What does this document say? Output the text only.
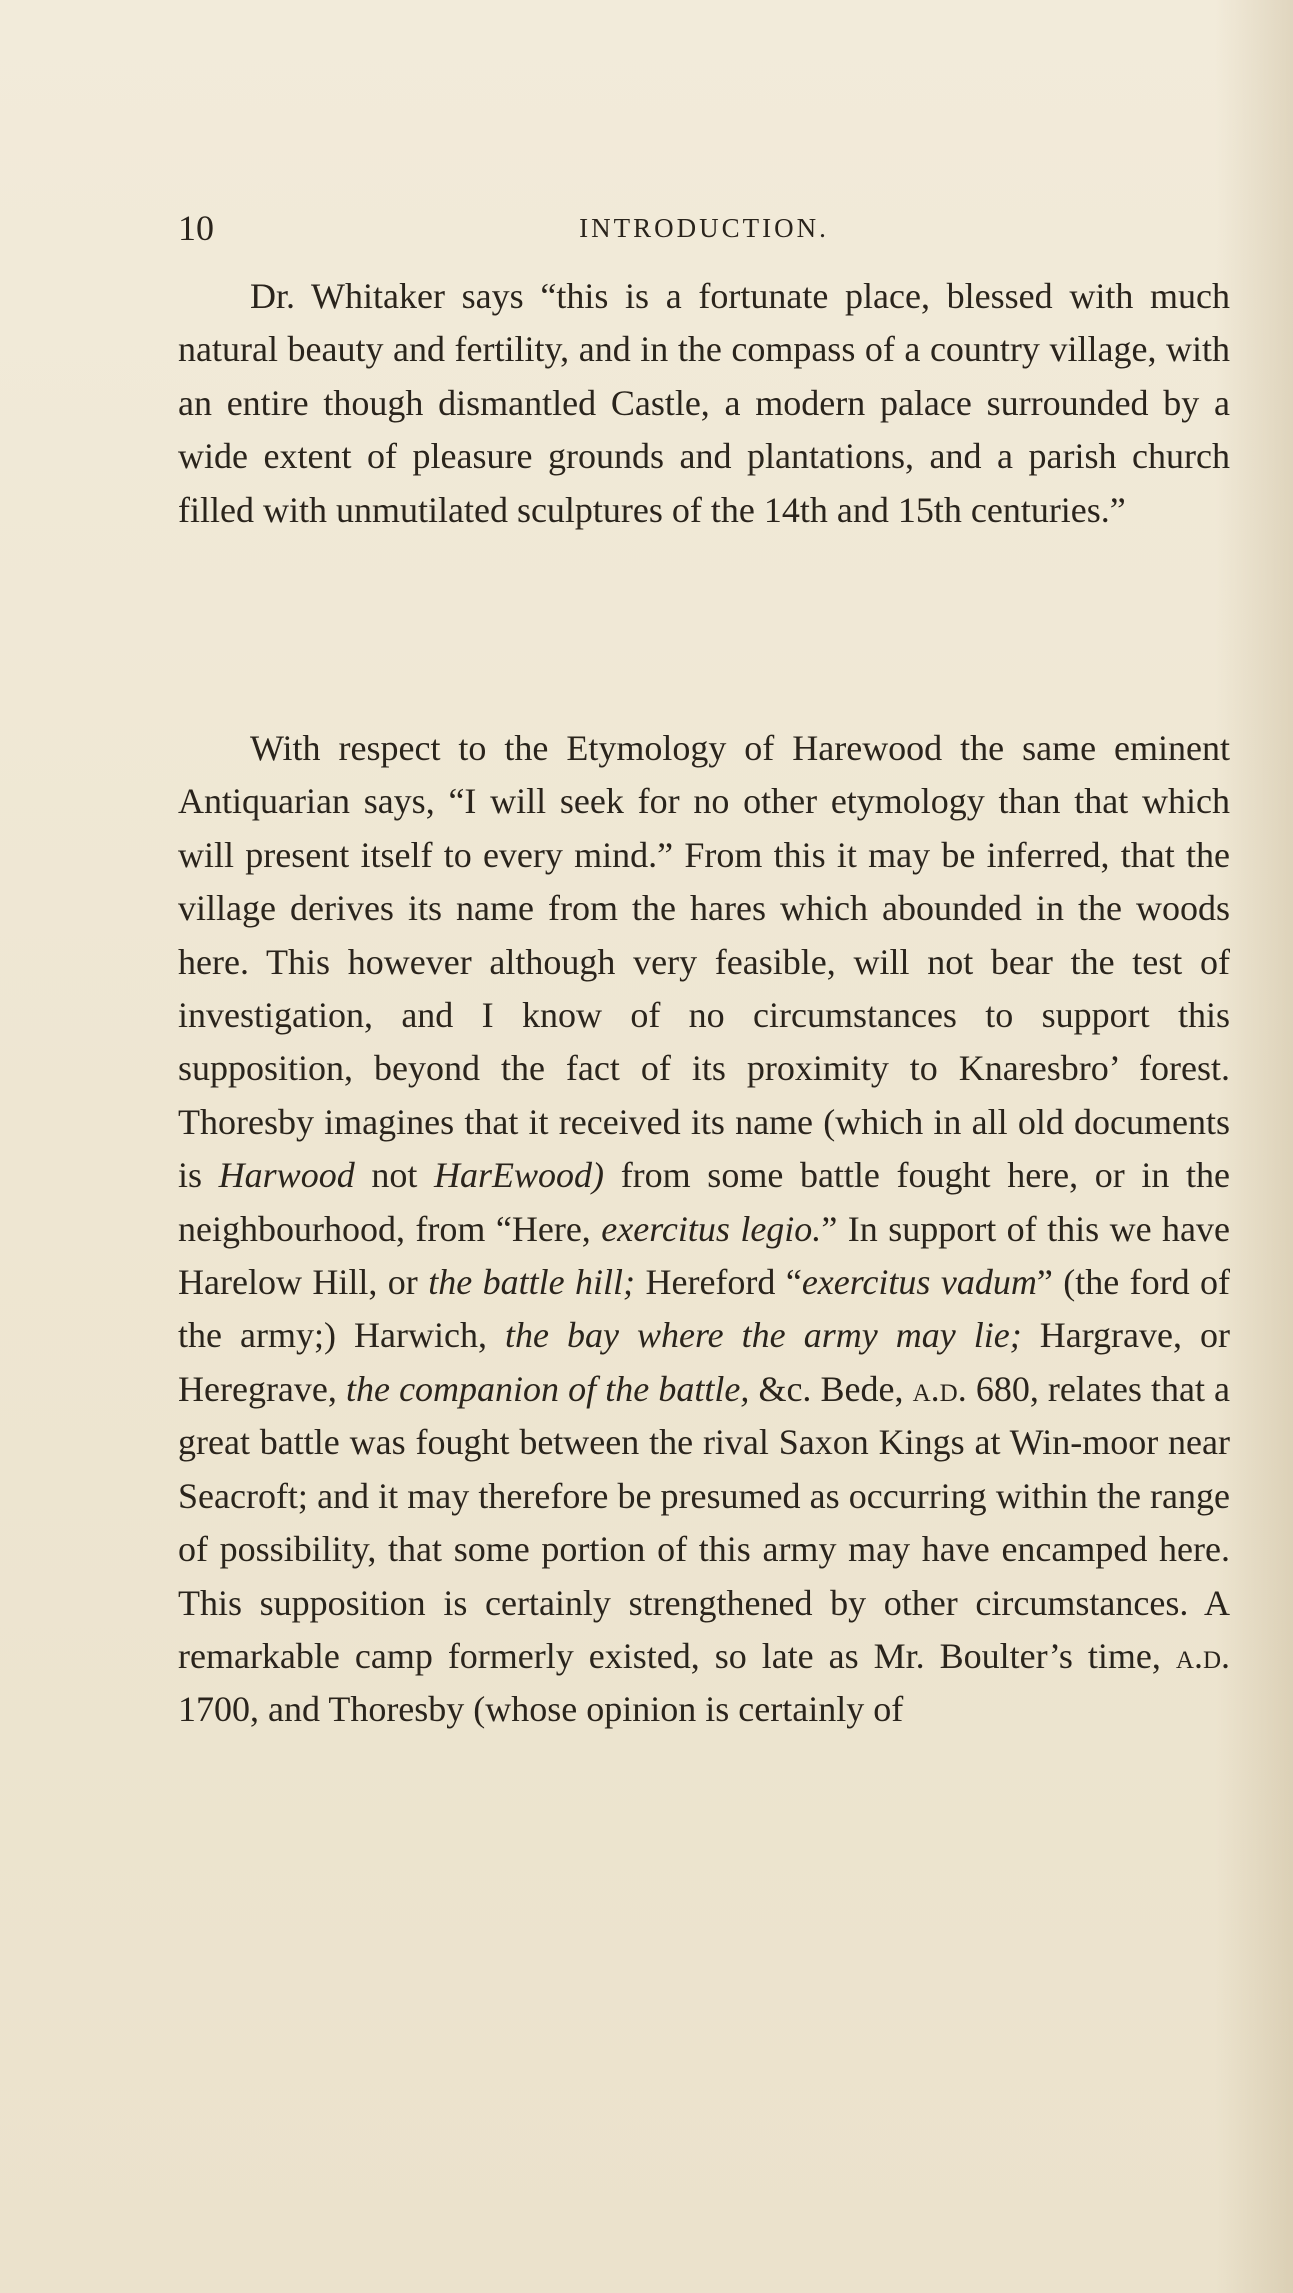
10	INTRODUCTION.

Dr. Whitaker says “this is a fortunate place, blessed with much natural beauty and fertility, and in the compass of a country village, with an entire though dismantled Castle, a modern palace surrounded by a wide extent of pleasure grounds and plantations, and a parish church filled with unmutilated sculptures of the 14th and 15th centuries.”

With respect to the Etymology of Harewood the same eminent Antiquarian says, “I will seek for no other etymology than that which will present itself to every mind.” From this it may be inferred, that the village derives its name from the hares which abounded in the woods here. This however although very feasible, will not bear the test of investigation, and I know of no circumstances to support this supposition, beyond the fact of its proximity to Knaresbro’ forest. Thoresby imagines that it received its name (which in all old documents is Harwood not HarEwood) from some battle fought here, or in the neighbourhood, from “Here, exercitus legio.” In support of this we have Harelow Hill, or the battle hill; Hereford “exercitus vadum” (the ford of the army;) Harwich, the bay where the army may lie; Hargrave, or Heregrave, the companion of the battle, &c. Bede, a.d. 680, relates that a great battle was fought between the rival Saxon Kings at Win-moor near Seacroft; and it may therefore be presumed as occurring within the range of possibility, that some portion of this army may have encamped here. This supposition is certainly strengthened by other circumstances. A remarkable camp formerly existed, so late as Mr. Boulter’s time, a.d. 1700, and Thoresby (whose opinion is certainly of
